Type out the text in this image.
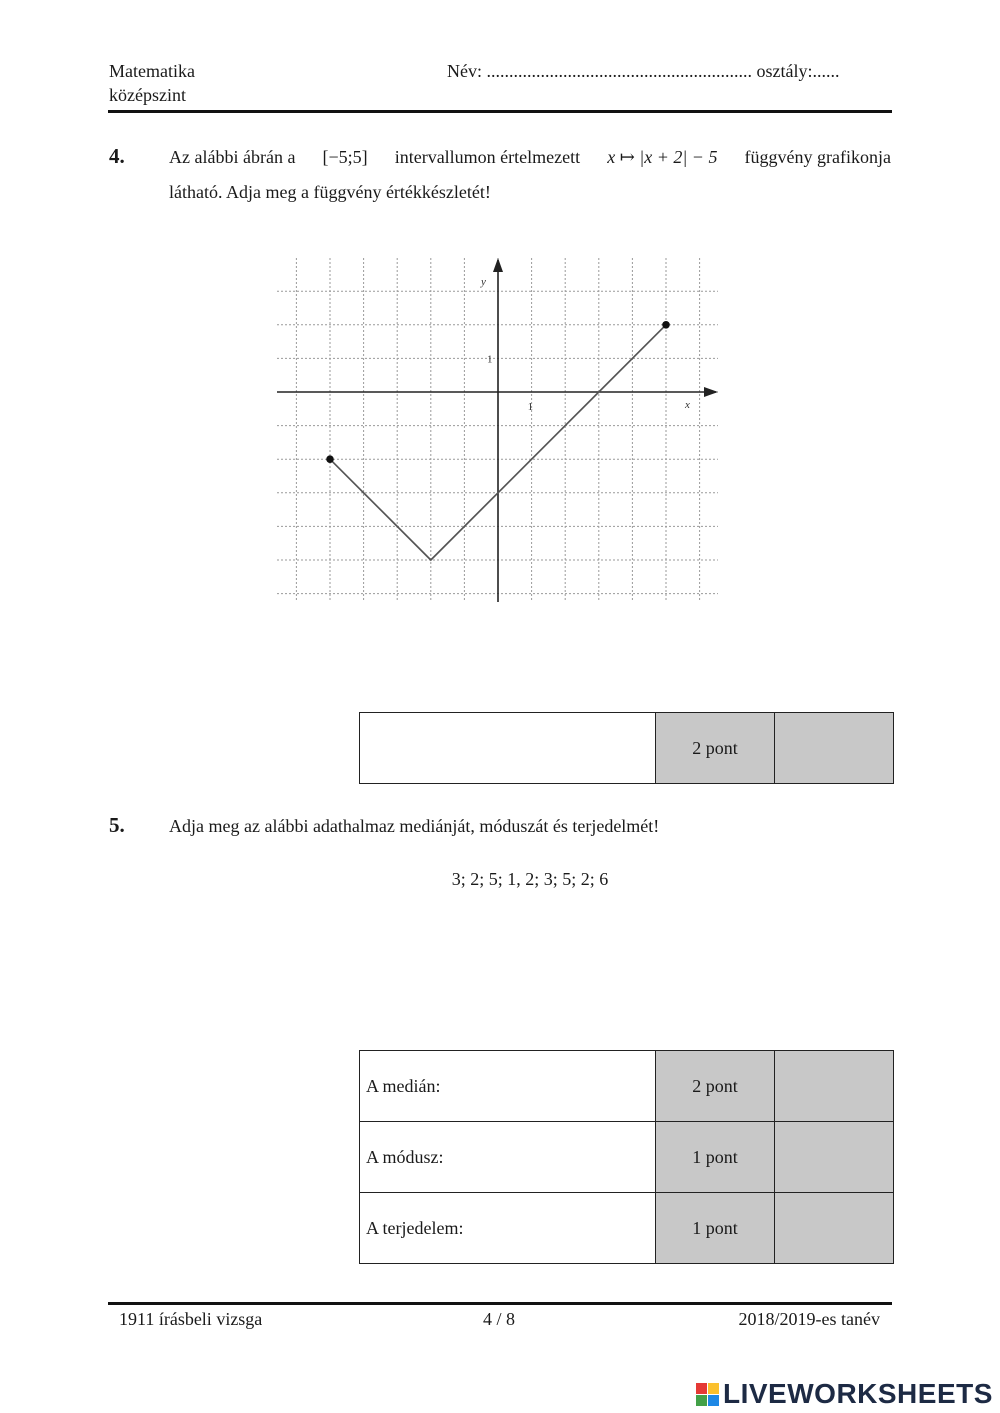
Matematika
középszint
Név: ........................................................... osztály:......
4. Az alábbi ábrán a [−5;5] intervallumon értelmezett x ↦ |x + 2| − 5 függvény grafikonja
látható. Adja meg a függvény értékkészletét!
1
1
x
y
	2 pont	
5. Adja meg az alábbi adathalmaz mediánját, móduszát és terjedelmét!
3; 2; 5; 1, 2; 3; 5; 2; 6
A medián:	2 pont	
A módusz:	1 pont	
A terjedelem:	1 pont	
1911 írásbeli vizsga	4 / 8	2018/2019-es tanév
LIVEWORKSHEETS
